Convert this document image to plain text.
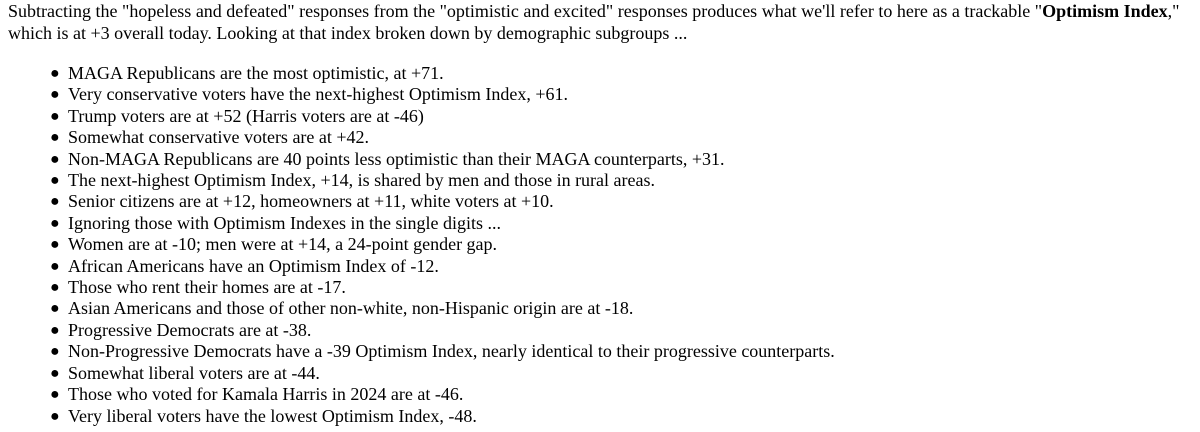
Subtracting the "hopeless and defeated" responses from the "optimistic and excited" responses produces what we'll refer to here as a trackable "Optimism Index," which is at +3 overall today. Looking at that index broken down by demographic subgroups ...

● MAGA Republicans are the most optimistic, at +71.
● Very conservative voters have the next-highest Optimism Index, +61.
● Trump voters are at +52 (Harris voters are at -46)
● Somewhat conservative voters are at +42.
● Non-MAGA Republicans are 40 points less optimistic than their MAGA counterparts, +31.
● The next-highest Optimism Index, +14, is shared by men and those in rural areas.
● Senior citizens are at +12, homeowners at +11, white voters at +10.
● Ignoring those with Optimism Indexes in the single digits ...
● Women are at -10; men were at +14, a 24-point gender gap.
● African Americans have an Optimism Index of -12.
● Those who rent their homes are at -17.
● Asian Americans and those of other non-white, non-Hispanic origin are at -18.
● Progressive Democrats are at -38.
● Non-Progressive Democrats have a -39 Optimism Index, nearly identical to their progressive counterparts.
● Somewhat liberal voters are at -44.
● Those who voted for Kamala Harris in 2024 are at -46.
● Very liberal voters have the lowest Optimism Index, -48.
